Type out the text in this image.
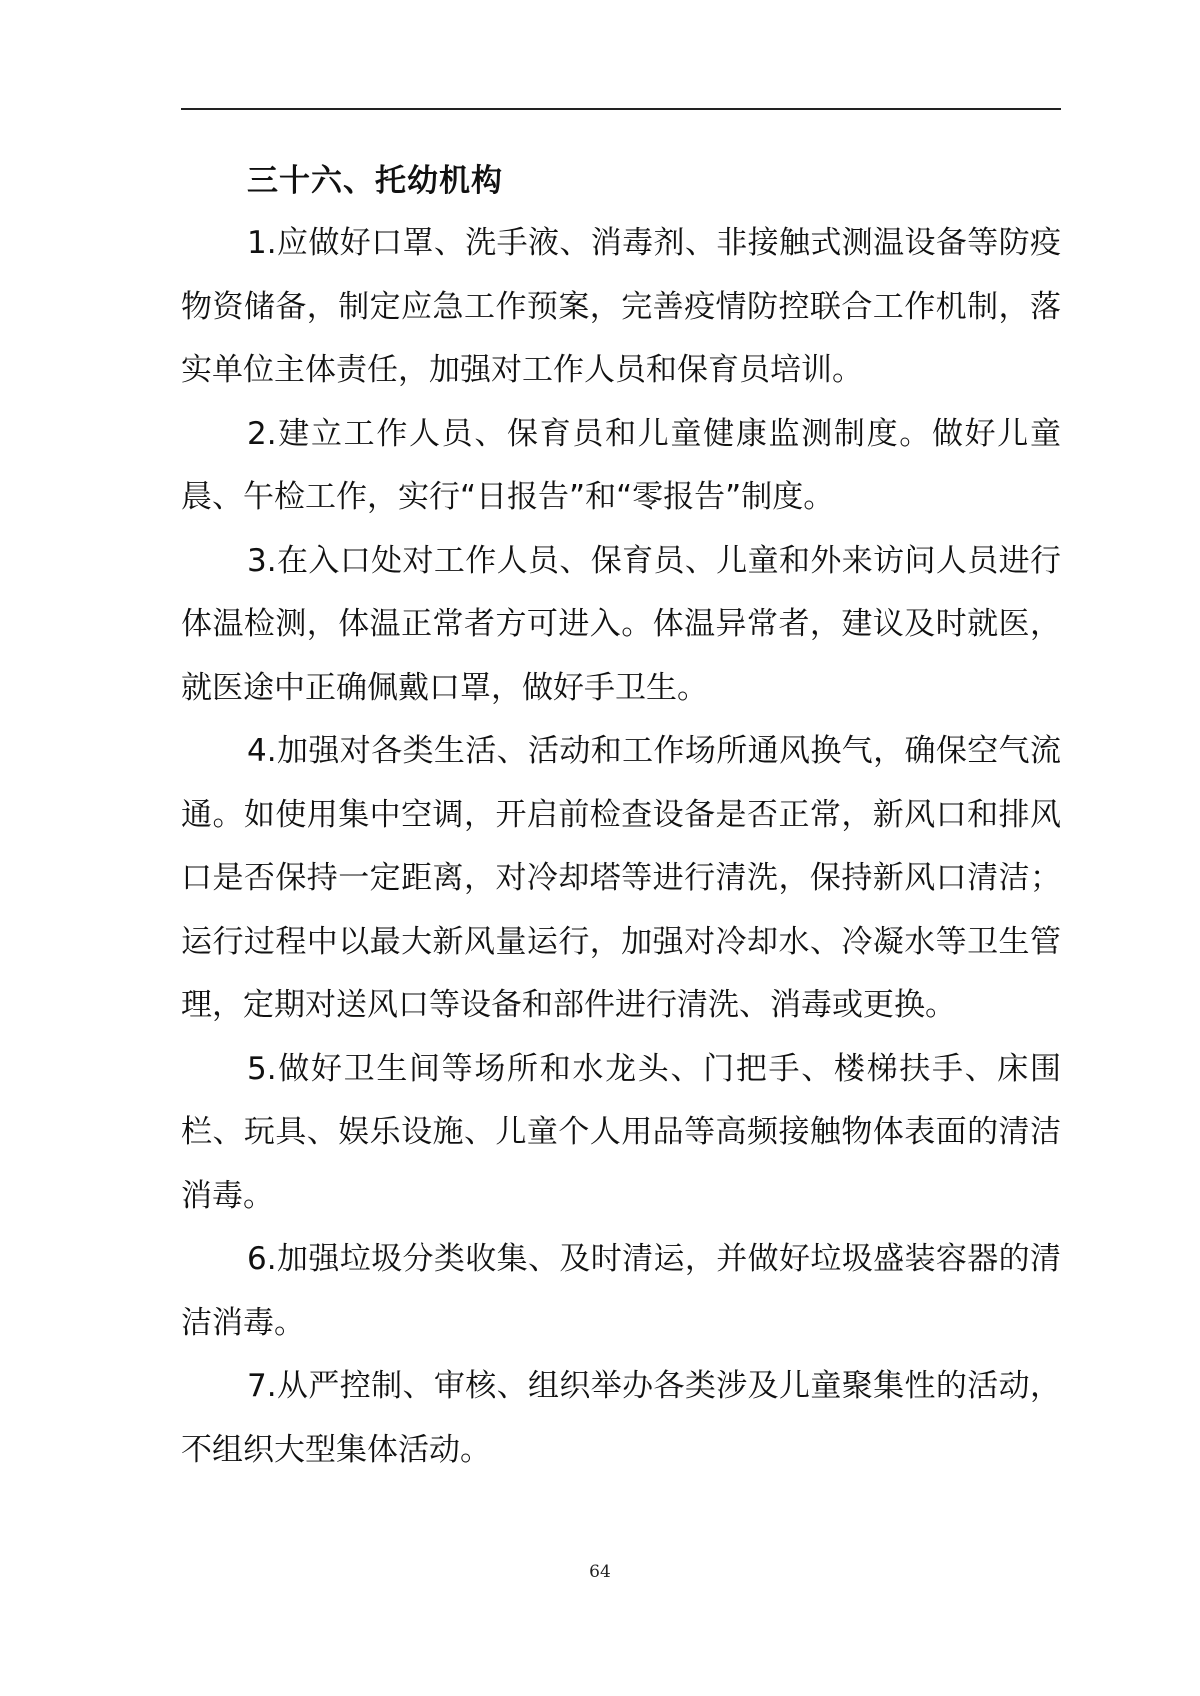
三十六、托幼机构

1.应做好口罩、洗手液、消毒剂、非接触式测温设备等防疫物资储备，制定应急工作预案，完善疫情防控联合工作机制，落实单位主体责任，加强对工作人员和保育员培训。

2.建立工作人员、保育员和儿童健康监测制度。做好儿童晨、午检工作，实行“日报告”和“零报告”制度。

3.在入口处对工作人员、保育员、儿童和外来访问人员进行体温检测，体温正常者方可进入。体温异常者，建议及时就医，就医途中正确佩戴口罩，做好手卫生。

4.加强对各类生活、活动和工作场所通风换气，确保空气流通。如使用集中空调，开启前检查设备是否正常，新风口和排风口是否保持一定距离，对冷却塔等进行清洗，保持新风口清洁；运行过程中以最大新风量运行，加强对冷却水、冷凝水等卫生管理，定期对送风口等设备和部件进行清洗、消毒或更换。

5.做好卫生间等场所和水龙头、门把手、楼梯扶手、床围栏、玩具、娱乐设施、儿童个人用品等高频接触物体表面的清洁消毒。

6.加强垃圾分类收集、及时清运，并做好垃圾盛装容器的清洁消毒。

7.从严控制、审核、组织举办各类涉及儿童聚集性的活动，不组织大型集体活动。

64
